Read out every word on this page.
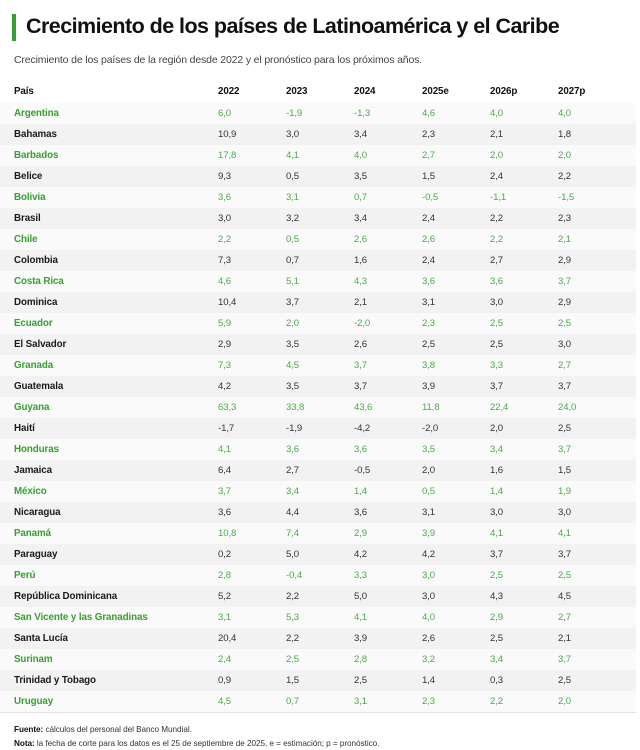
Crecimiento de los países de Latinoamérica y el Caribe
Crecimiento de los países de la región desde 2022 y el pronóstico para los próximos años.
País	2022	2023	2024	2025e	2026p	2027p	
Argentina	6,0	-1,9	-1,3	4,6	4,0	4,0	
Bahamas	10,9	3,0	3,4	2,3	2,1	1,8	
Barbados	17,8	4,1	4,0	2,7	2,0	2,0	
Belice	9,3	0,5	3,5	1,5	2,4	2,2	
Bolivia	3,6	3,1	0,7	-0,5	-1,1	-1,5	
Brasil	3,0	3,2	3,4	2,4	2,2	2,3	
Chile	2,2	0,5	2,6	2,6	2,2	2,1	
Colombia	7,3	0,7	1,6	2,4	2,7	2,9	
Costa Rica	4,6	5,1	4,3	3,6	3,6	3,7	
Dominica	10,4	3,7	2,1	3,1	3,0	2,9	
Ecuador	5,9	2,0	-2,0	2,3	2,5	2,5	
El Salvador	2,9	3,5	2,6	2,5	2,5	3,0	
Granada	7,3	4,5	3,7	3,8	3,3	2,7	
Guatemala	4,2	3,5	3,7	3,9	3,7	3,7	
Guyana	63,3	33,8	43,6	11,8	22,4	24,0	
Haití	-1,7	-1,9	-4,2	-2,0	2,0	2,5	
Honduras	4,1	3,6	3,6	3,5	3,4	3,7	
Jamaica	6,4	2,7	-0,5	2,0	1,6	1,5	
México	3,7	3,4	1,4	0,5	1,4	1,9	
Nicaragua	3,6	4,4	3,6	3,1	3,0	3,0	
Panamá	10,8	7,4	2,9	3,9	4,1	4,1	
Paraguay	0,2	5,0	4,2	4,2	3,7	3,7	
Perú	2,8	-0,4	3,3	3,0	2,5	2,5	
República Dominicana	5,2	2,2	5,0	3,0	4,3	4,5	
San Vicente y las Granadinas	3,1	5,3	4,1	4,0	2,9	2,7	
Santa Lucía	20,4	2,2	3,9	2,6	2,5	2,1	
Surinam	2,4	2,5	2,8	3,2	3,4	3,7	
Trinidad y Tobago	0,9	1,5	2,5	1,4	0,3	2,5	
Uruguay	4,5	0,7	3,1	2,3	2,2	2,0	

Fuente: cálculos del personal del Banco Mundial.

Nota: la fecha de corte para los datos es el 25 de septiembre de 2025, e = estimación; p = pronóstico.
